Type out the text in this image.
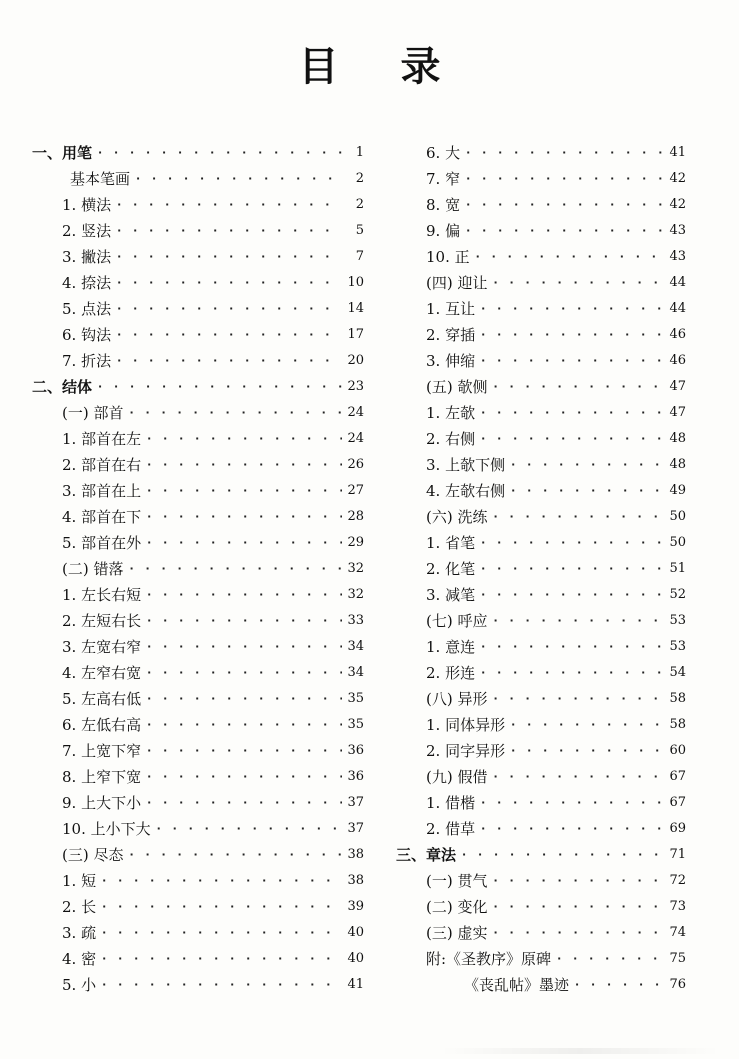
目 录
一、用笔 · · ·	1
基本笔画 · · ·	2
1. 横法 · · ·	2
2. 竖法 · · ·	5
3. 撇法 · · ·	7
4. 捺法 · · ·	10
5. 点法 · · ·	14
6. 钩法 · · ·	17
7. 折法 · · ·	20
二、结体 · · ·	23
(一) 部首 · · ·	24
1. 部首在左 · · ·	24
2. 部首在右 · · ·	26
3. 部首在上 · · ·	27
4. 部首在下 · · ·	28
5. 部首在外 · · ·	29
(二) 错落 · · ·	32
1. 左长右短 · · ·	32
2. 左短右长 · · ·	33
3. 左宽右窄 · · ·	34
4. 左窄右宽 · · ·	34
5. 左高右低 · · ·	35
6. 左低右高 · · ·	35
7. 上宽下窄 · · ·	36
8. 上窄下宽 · · ·	36
9. 上大下小 · · ·	37
10. 上小下大 · · ·	37
(三) 尽态 · · ·	38
1. 短 · · ·	38
2. 长 · · ·	39
3. 疏 · · ·	40
4. 密 · · ·	40
5. 小 · · ·	41
6. 大 · · ·	41
7. 窄 · · ·	42
8. 宽 · · ·	42
9. 偏 · · ·	43
10. 正 · · ·	43
(四) 迎让 · · ·	44
1. 互让 · · ·	44
2. 穿插 · · ·	46
3. 伸缩 · · ·	46
(五) 欹侧 · · ·	47
1. 左欹 · · ·	47
2. 右侧 · · ·	48
3. 上欹下侧 · · ·	48
4. 左欹右侧 · · ·	49
(六) 洗练 · · ·	50
1. 省笔 · · ·	50
2. 化笔 · · ·	51
3. 减笔 · · ·	52
(七) 呼应 · · ·	53
1. 意连 · · ·	53
2. 形连 · · ·	54
(八) 异形 · · ·	58
1. 同体异形 · · ·	58
2. 同字异形 · · ·	60
(九) 假借 · · ·	67
1. 借楷 · · ·	67
2. 借草 · · ·	69
三、章法 · · ·	71
(一) 贯气 · · ·	72
(二) 变化 · · ·	73
(三) 虚实 · · ·	74
附:《圣教序》原碑 · · ·	75
《丧乱帖》墨迹 · · ·	76
